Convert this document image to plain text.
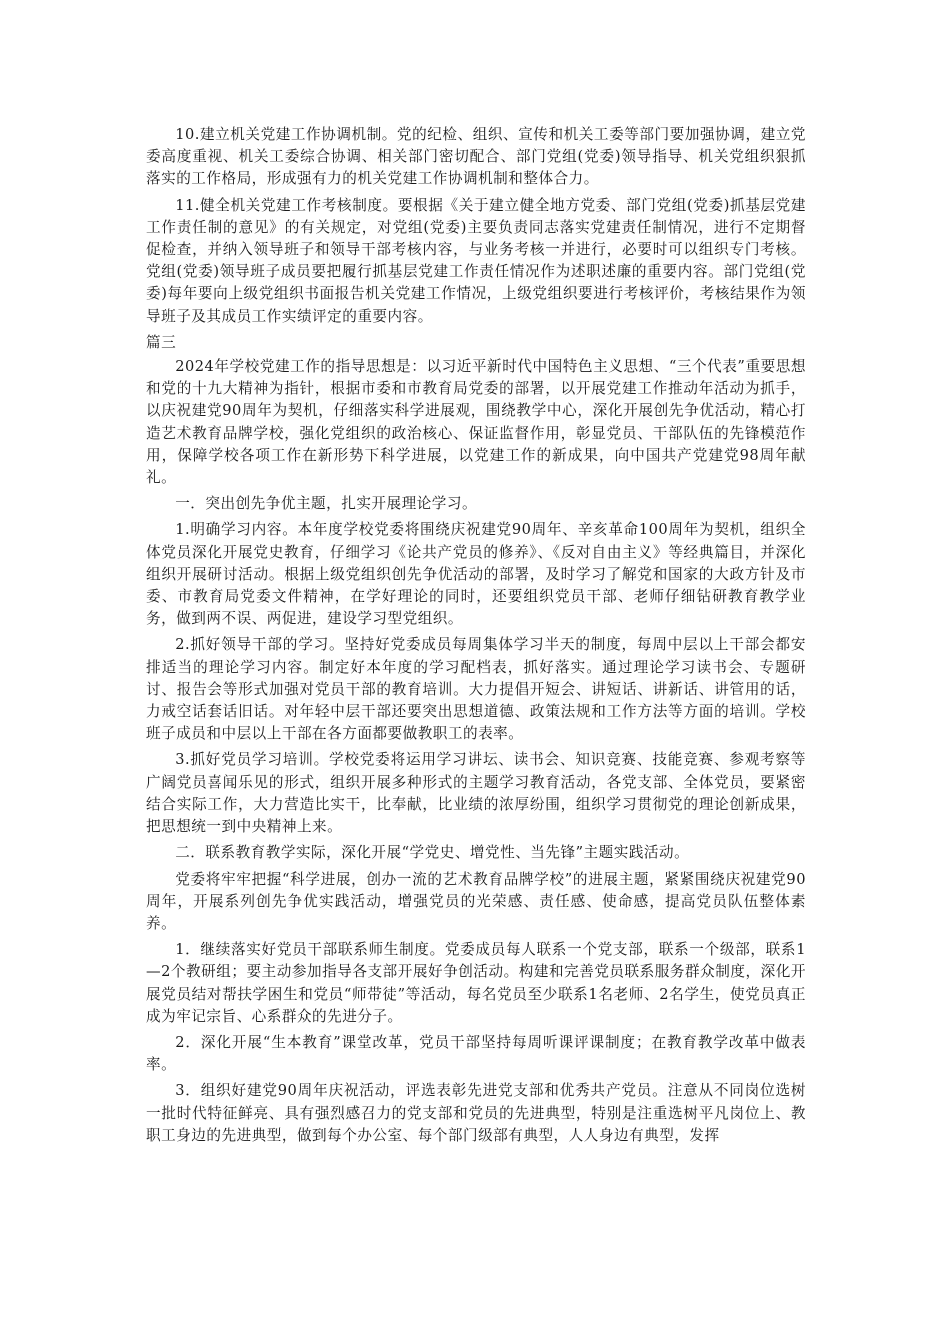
10.建立机关党建工作协调机制。党的纪检、组织、宣传和机关工委等部门要加强协调，建立党委高度重视、机关工委综合协调、相关部门密切配合、部门党组(党委)领导指导、机关党组织狠抓落实的工作格局，形成强有力的机关党建工作协调机制和整体合力。

11.健全机关党建工作考核制度。要根据《关于建立健全地方党委、部门党组(党委)抓基层党建工作责任制的意见》的有关规定，对党组(党委)主要负责同志落实党建责任制情况，进行不定期督促检查，并纳入领导班子和领导干部考核内容，与业务考核一并进行，必要时可以组织专门考核。党组(党委)领导班子成员要把履行抓基层党建工作责任情况作为述职述廉的重要内容。部门党组(党委)每年要向上级党组织书面报告机关党建工作情况，上级党组织要进行考核评价，考核结果作为领导班子及其成员工作实绩评定的重要内容。

篇三

2024年学校党建工作的指导思想是：以习近平新时代中国特色主义思想、“三个代表”重要思想和党的十九大精神为指针，根据市委和市教育局党委的部署，以开展党建工作推动年活动为抓手，以庆祝建党90周年为契机，仔细落实科学进展观，围绕教学中心，深化开展创先争优活动，精心打造艺术教育品牌学校，强化党组织的政治核心、保证监督作用，彰显党员、干部队伍的先锋模范作用，保障学校各项工作在新形势下科学进展，以党建工作的新成果，向中国共产党建党98周年献礼。

一．突出创先争优主题，扎实开展理论学习。

1.明确学习内容。本年度学校党委将围绕庆祝建党90周年、辛亥革命100周年为契机，组织全体党员深化开展党史教育，仔细学习《论共产党员的修养》、《反对自由主义》等经典篇目，并深化组织开展研讨活动。根据上级党组织创先争优活动的部署，及时学习了解党和国家的大政方针及市委、市教育局党委文件精神，在学好理论的同时，还要组织党员干部、老师仔细钻研教育教学业务，做到两不误、两促进，建设学习型党组织。

2.抓好领导干部的学习。坚持好党委成员每周集体学习半天的制度，每周中层以上干部会都安排适当的理论学习内容。制定好本年度的学习配档表，抓好落实。通过理论学习读书会、专题研讨、报告会等形式加强对党员干部的教育培训。大力提倡开短会、讲短话、讲新话、讲管用的话，力戒空话套话旧话。对年轻中层干部还要突出思想道德、政策法规和工作方法等方面的培训。学校班子成员和中层以上干部在各方面都要做教职工的表率。

3.抓好党员学习培训。学校党委将运用学习讲坛、读书会、知识竞赛、技能竞赛、参观考察等广阔党员喜闻乐见的形式，组织开展多种形式的主题学习教育活动，各党支部、全体党员，要紧密结合实际工作，大力营造比实干，比奉献，比业绩的浓厚纷围，组织学习贯彻党的理论创新成果，把思想统一到中央精神上来。

二．联系教育教学实际，深化开展“学党史、增党性、当先锋”主题实践活动。

党委将牢牢把握“科学进展，创办一流的艺术教育品牌学校”的进展主题，紧紧围绕庆祝建党90周年，开展系列创先争优实践活动，增强党员的光荣感、责任感、使命感，提高党员队伍整体素养。

1．继续落实好党员干部联系师生制度。党委成员每人联系一个党支部，联系一个级部，联系1—2个教研组；要主动参加指导各支部开展好争创活动。构建和完善党员联系服务群众制度，深化开展党员结对帮扶学困生和党员“师带徒”等活动，每名党员至少联系1名老师、2名学生，使党员真正成为牢记宗旨、心系群众的先进分子。

2．深化开展“生本教育”课堂改革，党员干部坚持每周听课评课制度；在教育教学改革中做表率。

3．组织好建党90周年庆祝活动，评选表彰先进党支部和优秀共产党员。注意从不同岗位选树一批时代特征鲜亮、具有强烈感召力的党支部和党员的先进典型，特别是注重选树平凡岗位上、教职工身边的先进典型，做到每个办公室、每个部门级部有典型，人人身边有典型，发挥
